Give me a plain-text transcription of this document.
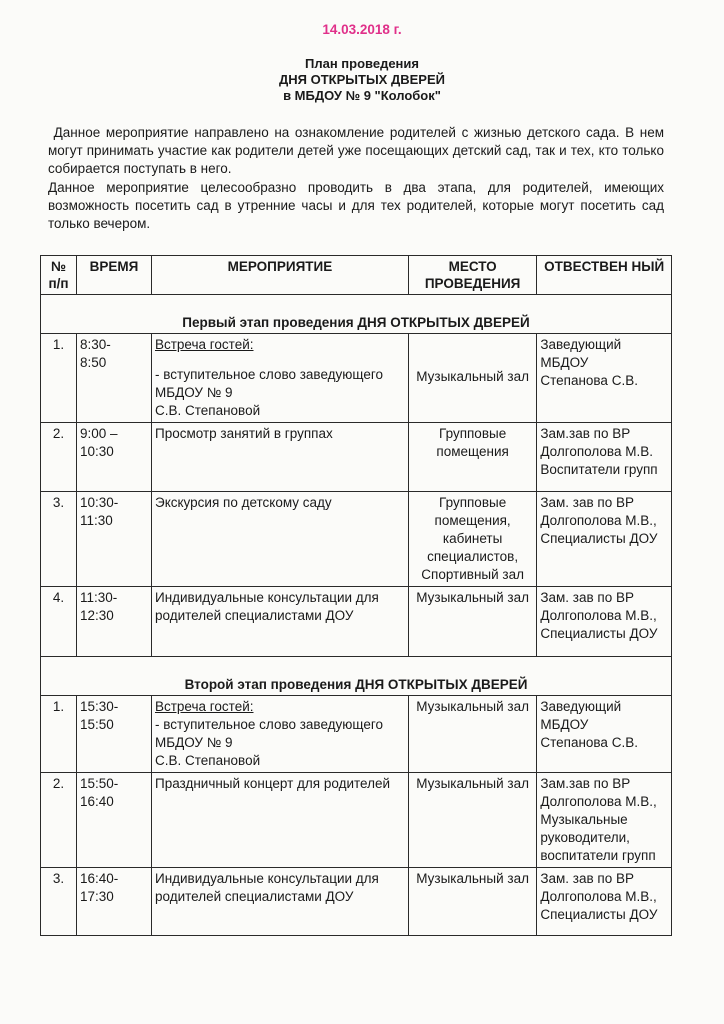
14.03.2018 г.
План проведения
ДНЯ ОТКРЫТЫХ ДВЕРЕЙ
в МБДОУ № 9 "Колобок"

Данное мероприятие направлено на ознакомление родителей с жизнью детского сада. В нем могут принимать участие как родители детей уже посещающих детский сад, так и тех, кто только собирается поступать в него.

Данное мероприятие целесообразно проводить в два этапа, для родителей, имеющих возможность посетить сад в утренние часы и для тех родителей, которые могут посетить сад только вечером.

№ п/п	ВРЕМЯ	МЕРОПРИЯТИЕ	МЕСТО ПРОВЕДЕНИЯ	ОТВЕСТВЕН НЫЙ
Первый этап проведения ДНЯ ОТКРЫТЫХ ДВЕРЕЙ				
1.	8:30-
8:50	Встреча гостей:
- вступительное слово заведующего МБДОУ № 9
С.В. Степановой	Музыкальный зал	Заведующий МБДОУ
Степанова С.В.
2.	9:00 –
10:30	Просмотр занятий в группах	Групповые помещения	Зам.зав по ВР Долгополова М.В.
Воспитатели групп
3.	10:30-
11:30	Экскурсия по детскому саду	Групповые помещения, кабинеты специалистов,
Спортивный зал	Зам. зав по ВР Долгополова М.В.,
Специалисты ДОУ
4.	11:30-
12:30	Индивидуальные консультации для родителей специалистами ДОУ	Музыкальный зал	Зам. зав по ВР Долгополова М.В.,
Специалисты ДОУ
Второй этап проведения ДНЯ ОТКРЫТЫХ ДВЕРЕЙ				
1.	15:30-
15:50	Встреча гостей:
- вступительное слово заведующего МБДОУ № 9
С.В. Степановой	Музыкальный зал	Заведующий МБДОУ
Степанова С.В.
2.	15:50-
16:40	Праздничный концерт для родителей	Музыкальный зал	Зам.зав по ВР Долгополова М.В.,
Музыкальные руководители, воспитатели групп
3.	16:40-
17:30	Индивидуальные консультации для родителей специалистами ДОУ	Музыкальный зал	Зам. зав по ВР Долгополова М.В.,
Специалисты ДОУ
